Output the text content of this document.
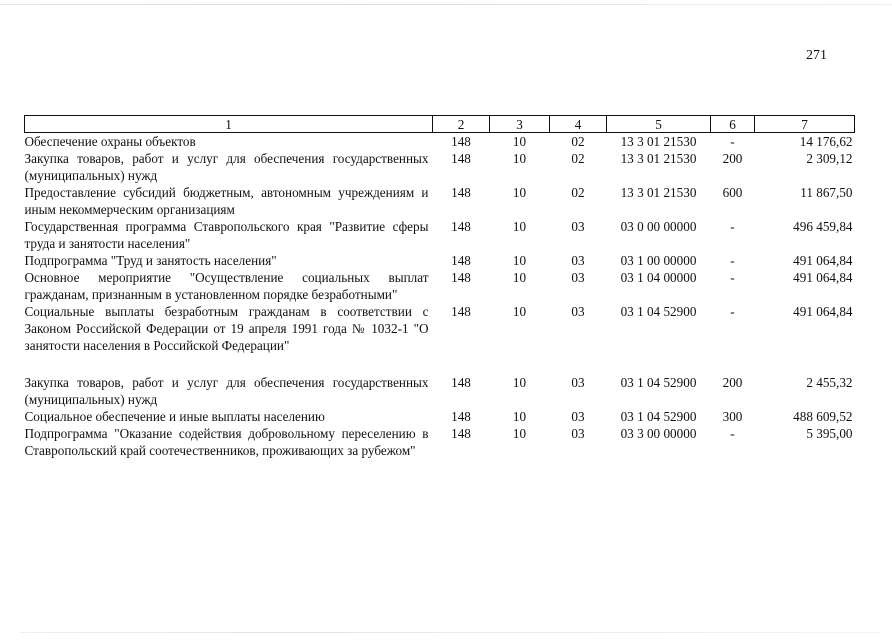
271
1	2	3	4	5	6	7
Обеспечение охраны объектов	148	10	02	13 3 01 21530	-	14 176,62
Закупка товаров, работ и услуг для обеспечения государственных (муниципальных) нужд	148	10	02	13 3 01 21530	200	2 309,12
Предоставление субсидий бюджетным, автономным учреждениям и иным некоммерческим организациям	148	10	02	13 3 01 21530	600	11 867,50
Государственная программа Ставропольского края "Развитие сферы труда и занятости населения"	148	10	03	03 0 00 00000	-	496 459,84
Подпрограмма "Труд и занятость населения"	148	10	03	03 1 00 00000	-	491 064,84
Основное мероприятие "Осуществление социальных выплат гражданам, признанным в установленном порядке безработными"	148	10	03	03 1 04 00000	-	491 064,84
Социальные выплаты безработным гражданам в соответствии с Законом Российской Федерации от 19 апреля 1991 года № 1032-1 "О занятости населения в Российской Федерации"	148	10	03	03 1 04 52900	-	491 064,84
Закупка товаров, работ и услуг для обеспечения государственных (муниципальных) нужд	148	10	03	03 1 04 52900	200	2 455,32
Социальное обеспечение и иные выплаты населению	148	10	03	03 1 04 52900	300	488 609,52
Подпрограмма "Оказание содействия добровольному переселению в Ставропольский край соотечественников, проживающих за рубежом"	148	10	03	03 3 00 00000	-	5 395,00
